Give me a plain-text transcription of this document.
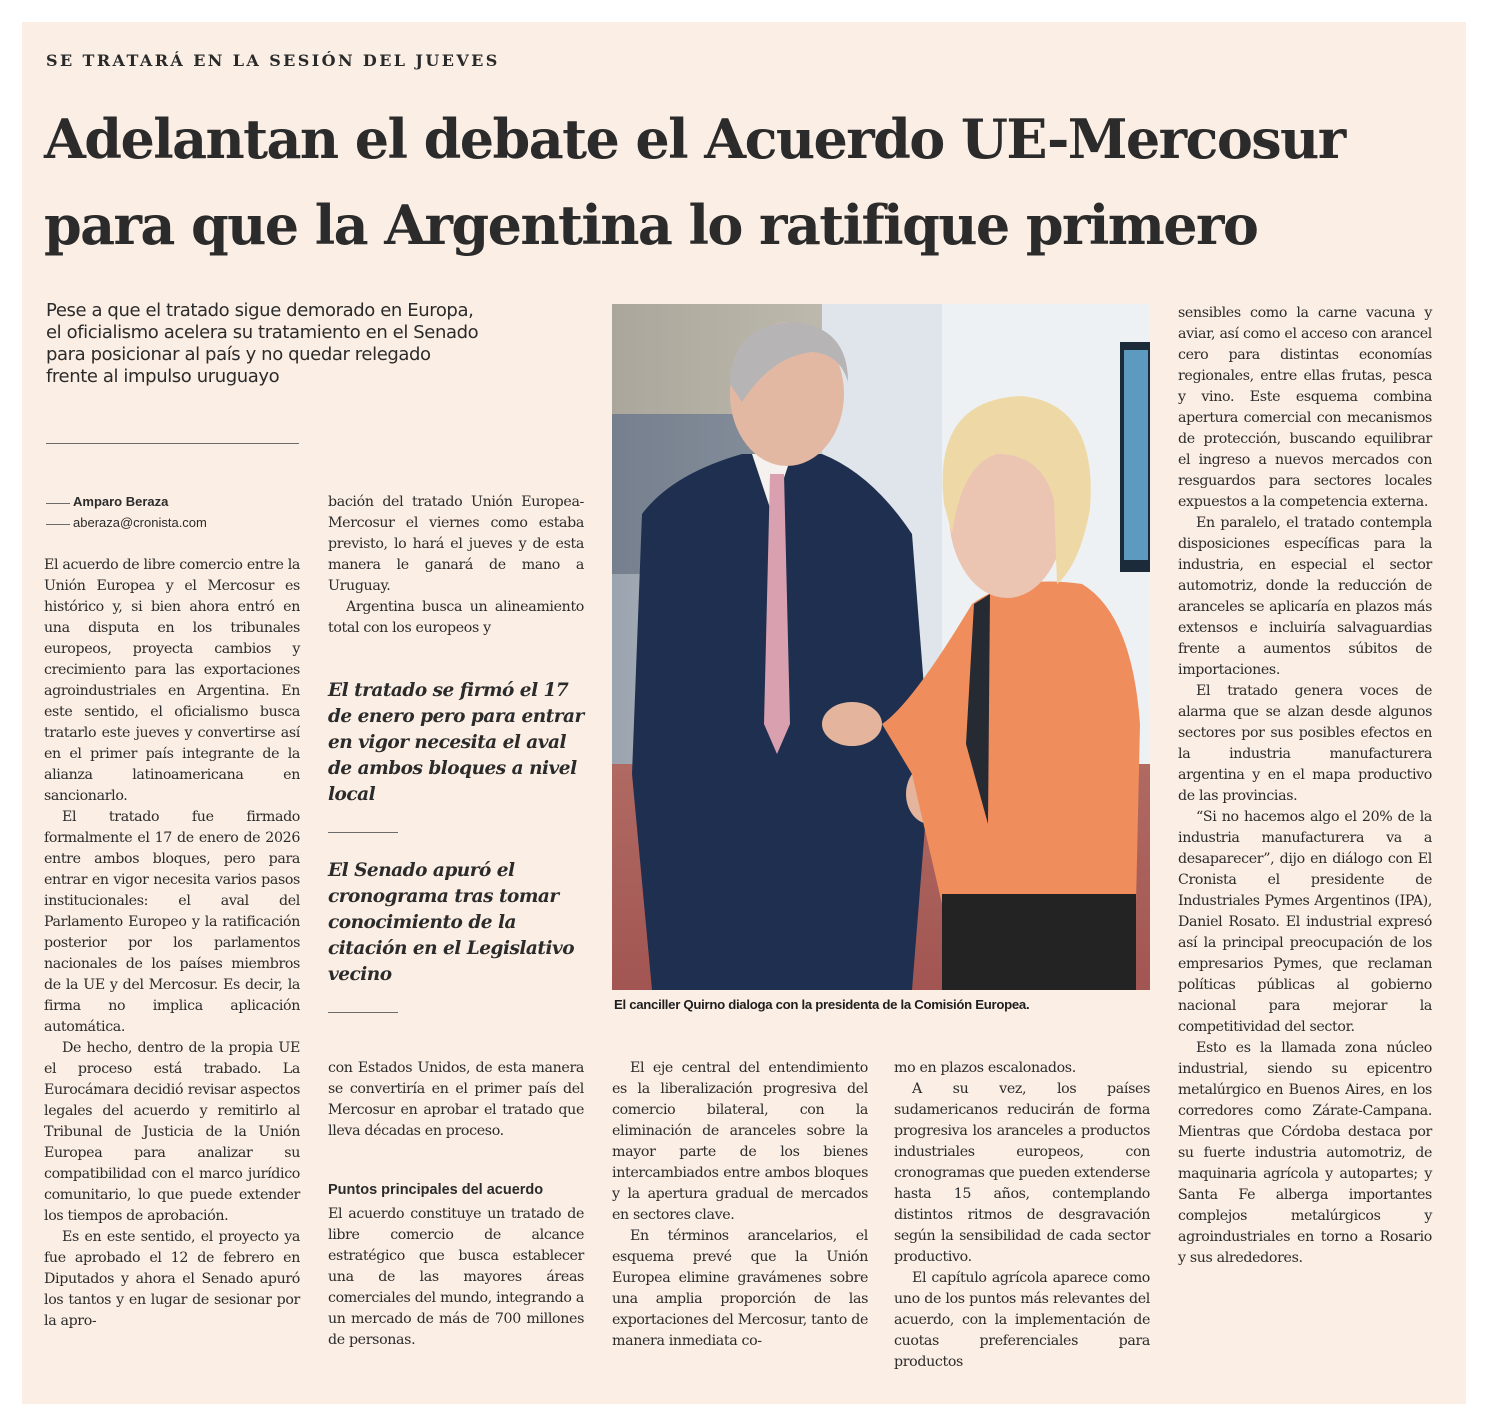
SE TRATARÁ EN LA SESIÓN DEL JUEVES
Adelantan el debate el Acuerdo UE-Mercosur
para que la Argentina lo ratifique primero
Pese a que el tratado sigue demorado en Europa,
el oficialismo acelera su tratamiento en el Senado
para posicionar al país y no quedar relegado
frente al impulso uruguayo
Amparo Beraza
aberaza@cronista.com

El acuerdo de libre comercio entre la Unión Europea y el Mercosur es histórico y, si bien ahora entró en una disputa en los tribunales europeos, proyecta cambios y crecimiento para las exportaciones agroindustriales en Argentina. En este sentido, el oficialismo busca tratarlo este jueves y convertirse así en el primer país integrante de la alianza latinoamericana en sancionarlo.

El tratado fue firmado formalmente el 17 de enero de 2026 entre ambos bloques, pero para entrar en vigor necesita varios pasos institucionales: el aval del Parlamento Europeo y la ratificación posterior por los parlamentos nacionales de los países miembros de la UE y del Mercosur. Es decir, la firma no implica aplicación automática.

De hecho, dentro de la propia UE el proceso está trabado. La Eurocámara decidió revisar aspectos legales del acuerdo y remitirlo al Tribunal de Justicia de la Unión Europea para analizar su compatibilidad con el marco jurídico comunitario, lo que puede extender los tiempos de aprobación.

Es en este sentido, el proyecto ya fue aprobado el 12 de febrero en Diputados y ahora el Senado apuró los tantos y en lugar de sesionar por la apro-

bación del tratado Unión Europea-Mercosur el viernes como estaba previsto, lo hará el jueves y de esta manera le ganará de mano a Uruguay.

Argentina busca un alineamiento total con los europeos y

El tratado se firmó el 17 de enero pero para entrar en vigor necesita el aval de ambos bloques a nivel local
El Senado apuró el cronograma tras tomar conocimiento de la citación en el Legislativo vecino

con Estados Unidos, de esta manera se convertiría en el primer país del Mercosur en aprobar el tratado que lleva décadas en proceso.

Puntos principales del acuerdo

El acuerdo constituye un tratado de libre comercio de alcance estratégico que busca establecer una de las mayores áreas comerciales del mundo, integrando a un mercado de más de 700 millones de personas.

El canciller Quirno dialoga con la presidenta de la Comisión Europea.

El eje central del entendimiento es la liberalización progresiva del comercio bilateral, con la eliminación de aranceles sobre la mayor parte de los bienes intercambiados entre ambos bloques y la apertura gradual de mercados en sectores clave.

En términos arancelarios, el esquema prevé que la Unión Europea elimine gravámenes sobre una amplia proporción de las exportaciones del Mercosur, tanto de manera inmediata co-

mo en plazos escalonados.

A su vez, los países sudamericanos reducirán de forma progresiva los aranceles a productos industriales europeos, con cronogramas que pueden extenderse hasta 15 años, contemplando distintos ritmos de desgravación según la sensibilidad de cada sector productivo.

El capítulo agrícola aparece como uno de los puntos más relevantes del acuerdo, con la implementación de cuotas preferenciales para productos

sensibles como la carne vacuna y aviar, así como el acceso con arancel cero para distintas economías regionales, entre ellas frutas, pesca y vino. Este esquema combina apertura comercial con mecanismos de protección, buscando equilibrar el ingreso a nuevos mercados con resguardos para sectores locales expuestos a la competencia externa.

En paralelo, el tratado contempla disposiciones específicas para la industria, en especial el sector automotriz, donde la reducción de aranceles se aplicaría en plazos más extensos e incluiría salvaguardias frente a aumentos súbitos de importaciones.

El tratado genera voces de alarma que se alzan desde algunos sectores por sus posibles efectos en la industria manufacturera argentina y en el mapa productivo de las provincias.

“Si no hacemos algo el 20% de la industria manufacturera va a desaparecer”, dijo en diálogo con El Cronista el presidente de Industriales Pymes Argentinos (IPA), Daniel Rosato. El industrial expresó así la principal preocupación de los empresarios Pymes, que reclaman políticas públicas al gobierno nacional para mejorar la competitividad del sector.

Esto es la llamada zona núcleo industrial, siendo su epicentro metalúrgico en Buenos Aires, en los corredores como Zárate-Campana. Mientras que Córdoba destaca por su fuerte industria automotriz, de maquinaria agrícola y autopartes; y Santa Fe alberga importantes complejos metalúrgicos y agroindustriales en torno a Rosario y sus alrededores.
